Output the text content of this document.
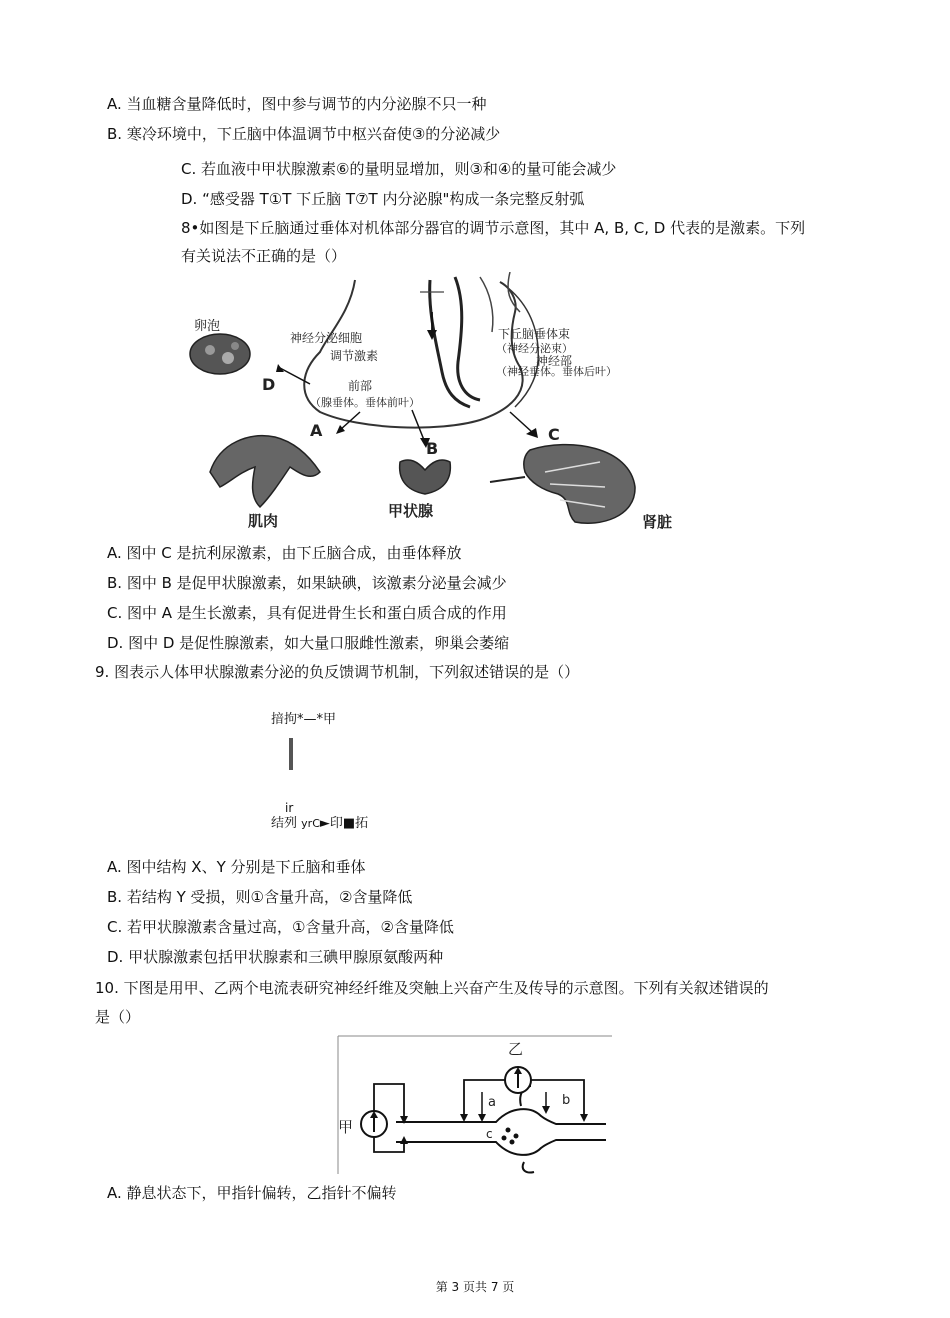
A. 当血糖含量降低时，图中参与调节的内分泌腺不只一种
B. 寒冷环境中，下丘脑中体温调节中枢兴奋使③的分泌减少
C. 若血液中甲状腺激素⑥的量明显增加，则③和④的量可能会减少
D. “感受器 T①T 下丘脑 T⑦T 内分泌腺"构成一条完整反射弧
8•如图是下丘脑通过垂体对机体部分器官的调节示意图，其中 A, B, C, D 代表的是激素。下列
有关说法不正确的是（）
神经分泌细胞
调节激素
前部
（腺垂体。垂体前叶）
下丘脑垂体束
（神经分泌束）
神经部
（神经垂体。垂体后叶）
卵泡
D
A
肌肉
B
甲状腺
C
肾脏
A. 图中 C 是抗利尿激素，由下丘脑合成，由垂体释放
B. 图中 B 是促甲状腺激素，如果缺碘，该激素分泌量会减少
C. 图中 A 是生长激素，具有促进骨生长和蛋白质合成的作用
D. 图中 D 是促性腺激素，如大量口服雌性激素，卵巢会萎缩
9. 图表示人体甲状腺激素分泌的负反馈调节机制，下列叙述错误的是（）
揞拘*—*甲
ir
结列 yrC►印■拓
A. 图中结构 X、Y 分别是下丘脑和垂体
B. 若结构 Y 受损，则①含量升高，②含量降低
C. 若甲状腺激素含量过高，①含量升高，②含量降低
D. 甲状腺激素包括甲状腺素和三碘甲腺原氨酸两种
10. 下图是用甲、乙两个电流表研究神经纤维及突触上兴奋产生及传导的示意图。下列有关叙述错误的
是（）
c
甲
乙
a	b
A. 静息状态下，甲指针偏转，乙指针不偏转
第 3 页共 7 页
